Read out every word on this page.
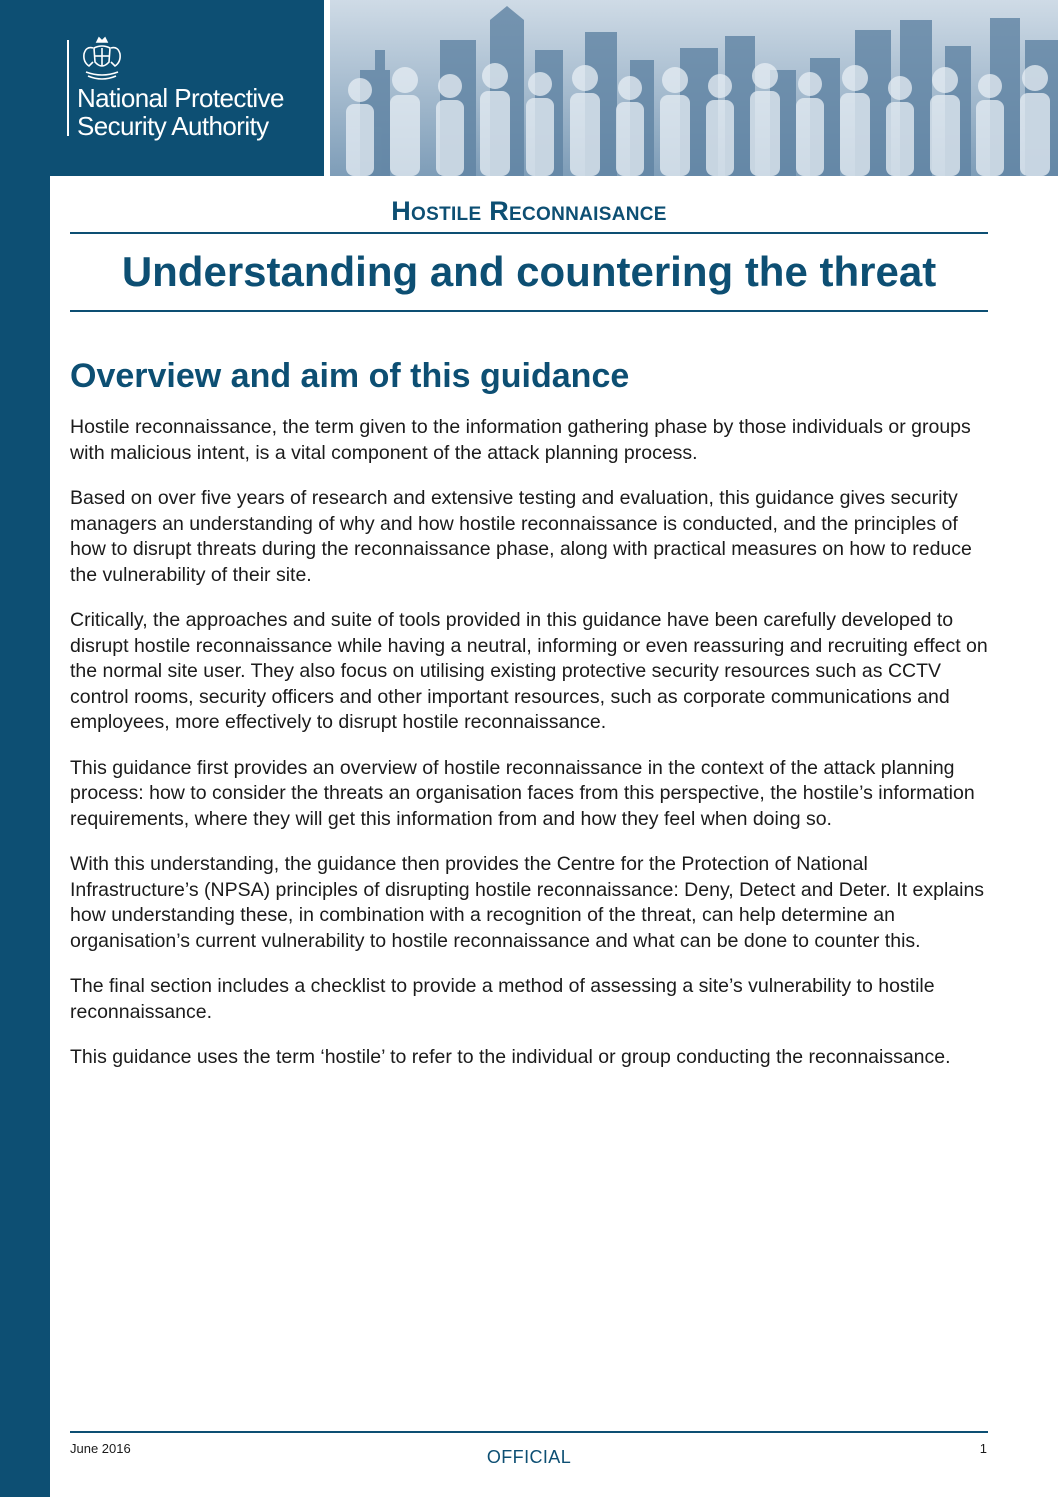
National Protective
Security Authority
Hostile Reconnaisance
Understanding and countering the threat
Overview and aim of this guidance

Hostile reconnaissance, the term given to the information gathering phase by those individuals or groups with malicious intent, is a vital component of the attack planning process.

Based on over five years of research and extensive testing and evaluation, this guidance gives security managers an understanding of why and how hostile reconnaissance is conducted, and the principles of how to disrupt threats during the reconnaissance phase, along with practical measures on how to reduce the vulnerability of their site.

Critically, the approaches and suite of tools provided in this guidance have been carefully developed to disrupt hostile reconnaissance while having a neutral, informing or even reassuring and recruiting effect on the normal site user. They also focus on utilising existing protective security resources such as CCTV control rooms, security officers and other important resources, such as corporate communications and employees, more effectively to disrupt hostile reconnaissance.

This guidance first provides an overview of hostile reconnaissance in the context of the attack planning process: how to consider the threats an organisation faces from this perspective, the hostile’s information requirements, where they will get this information from and how they feel when doing so.

With this understanding, the guidance then provides the Centre for the Protection of National Infrastructure’s (NPSA) principles of disrupting hostile reconnaissance: Deny, Detect and Deter. It explains how understanding these, in combination with a recognition of the threat, can help determine an organisation’s current vulnerability to hostile reconnaissance and what can be done to counter this.

The final section includes a checklist to provide a method of assessing a site’s vulnerability to hostile reconnaissance.

This guidance uses the term ‘hostile’ to refer to the individual or group conducting the reconnaissance.

June 2016	OFFICIAL	1
